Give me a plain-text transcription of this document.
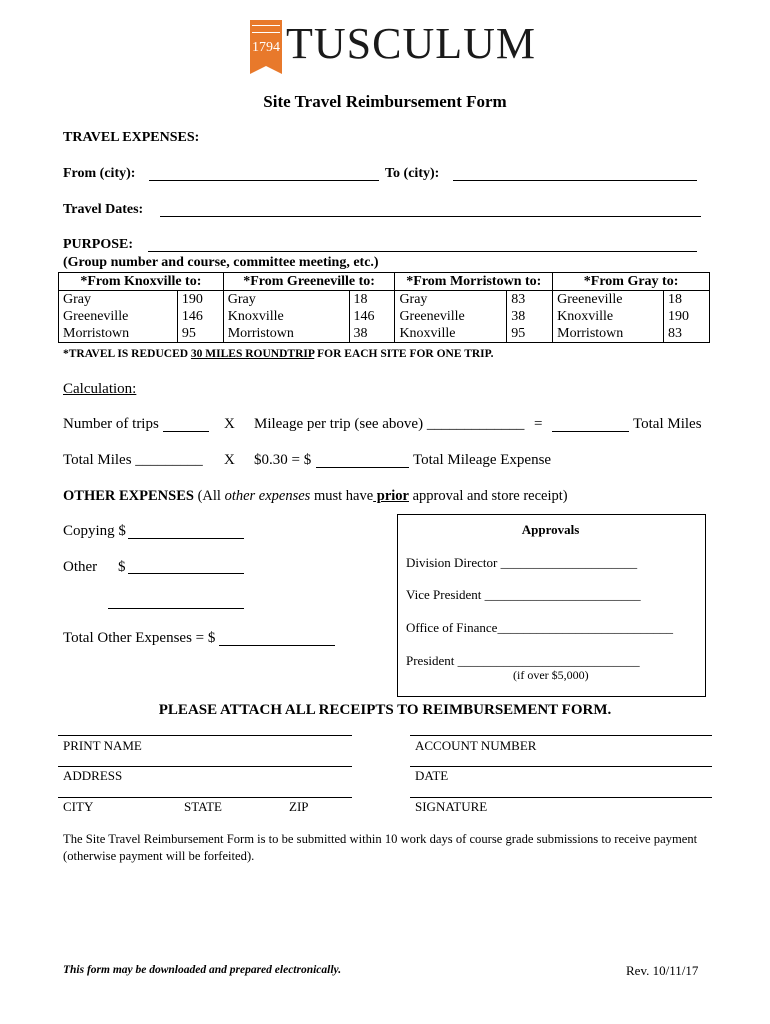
1794 TUSCULUM
Site Travel Reimbursement Form
TRAVEL EXPENSES:
From (city):	To (city):
Travel Dates:
PURPOSE:
(Group number and course, committee meeting, etc.)
*From Knoxville to:		*From Greeneville to:		*From Morristown to:		*From Gray to:	
Gray	190	Gray	18	Gray	83	Greeneville	18
Greeneville	146	Knoxville	146	Greeneville	38	Knoxville	190
Morristown	95	Morristown	38	Knoxville	95	Morristown	83
*TRAVEL IS REDUCED 30 MILES ROUNDTRIP FOR EACH SITE FOR ONE TRIP.
Calculation:
Number of trips	X Mileage per trip (see above) _____________ =	Total Miles
Total Miles _________ X $0.30 = $	Total Mileage Expense
OTHER EXPENSES (All other expenses must have prior approval and store receipt)
Copying $
Other $
Total Other Expenses = $
Approvals
Division Director _____________________
Vice President ________________________
Office of Finance___________________________
President ____________________________
(if over $5,000)
PLEASE ATTACH ALL RECEIPTS TO REIMBURSEMENT FORM.
PRINT NAME	ACCOUNT NUMBER
ADDRESS	DATE
CITY	STATE	ZIP	SIGNATURE
The Site Travel Reimbursement Form is to be submitted within 10 work days of course grade submissions to receive payment
(otherwise payment will be forfeited).
This form may be downloaded and prepared electronically.	Rev. 10/11/17
